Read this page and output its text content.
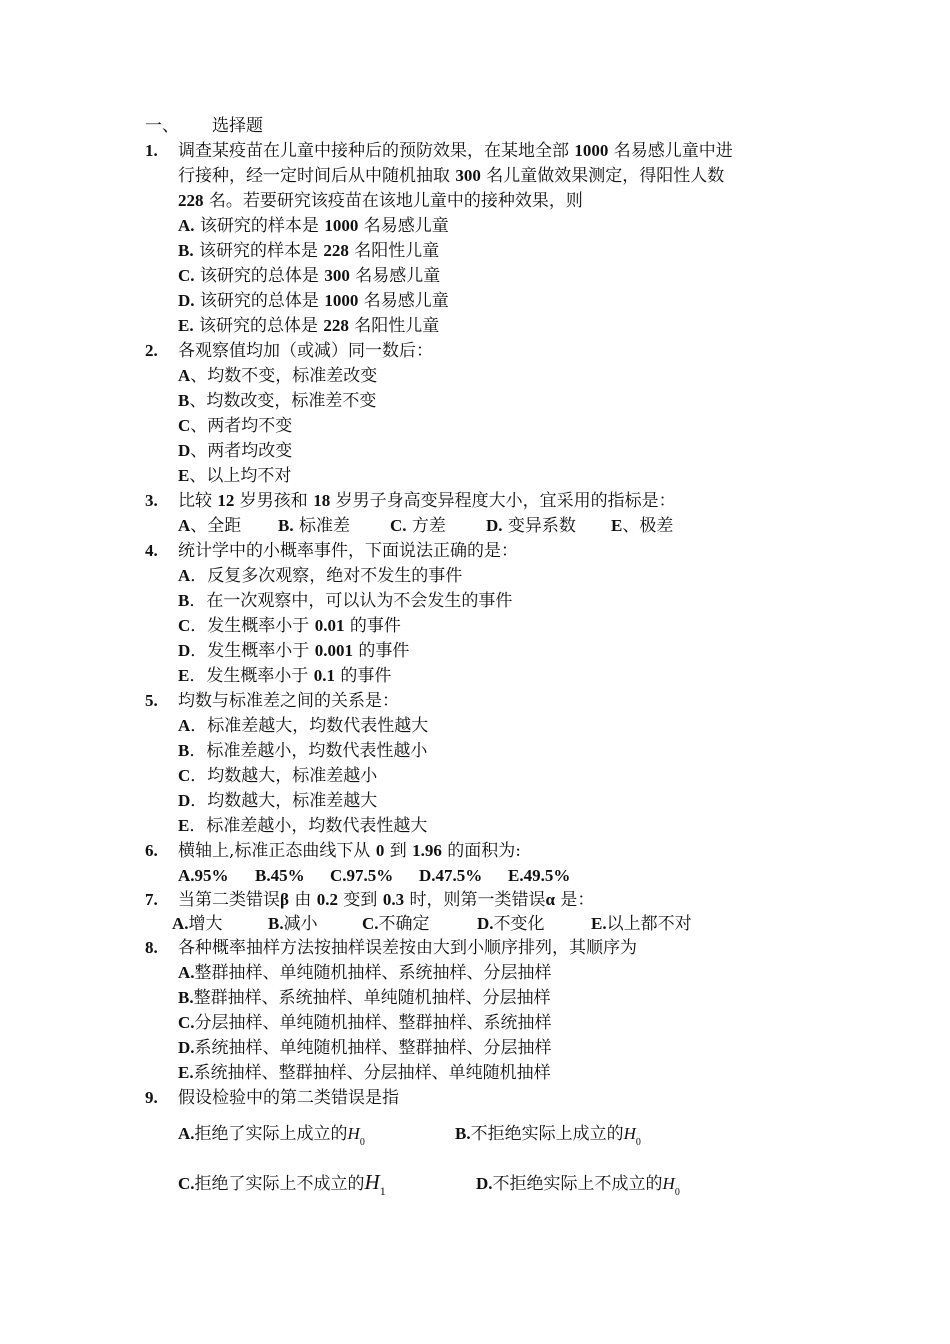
一、 选择题
1. 调查某疫苗在儿童中接种后的预防效果，在某地全部 1000 名易感儿童中进
行接种，经一定时间后从中随机抽取 300 名儿童做效果测定，得阳性人数
228 名。若要研究该疫苗在该地儿童中的接种效果，则
A. 该研究的样本是 1000 名易感儿童
B. 该研究的样本是 228 名阳性儿童
C. 该研究的总体是 300 名易感儿童
D. 该研究的总体是 1000 名易感儿童
E. 该研究的总体是 228 名阳性儿童
2. 各观察值均加（或减）同一数后：
A、均数不变，标准差改变
B、均数改变，标准差不变
C、两者均不变
D、两者均改变
E、以上均不对
3. 比较 12 岁男孩和 18 岁男子身高变异程度大小，宜采用的指标是：
A、全距 B. 标准差 C. 方差 D. 变异系数 E、极差
4. 统计学中的小概率事件，下面说法正确的是：
A．反复多次观察，绝对不发生的事件
B．在一次观察中，可以认为不会发生的事件
C．发生概率小于 0.01 的事件
D．发生概率小于 0.001 的事件
E．发生概率小于 0.1 的事件
5. 均数与标准差之间的关系是：
A．标准差越大，均数代表性越大
B．标准差越小，均数代表性越小
C．均数越大，标准差越小
D．均数越大，标准差越大
E．标准差越小，均数代表性越大
6. 横轴上,标准正态曲线下从 0 到 1.96 的面积为:
A.95% B.45% C.97.5% D.47.5% E.49.5%
7. 当第二类错误β 由 0.2 变到 0.3 时，则第一类错误α 是：
A.增大	B.减小	C.不确定	D.不变化	E.以上都不对
8. 各种概率抽样方法按抽样误差按由大到小顺序排列，其顺序为
A.整群抽样、单纯随机抽样、系统抽样、分层抽样
B.整群抽样、系统抽样、单纯随机抽样、分层抽样
C.分层抽样、单纯随机抽样、整群抽样、系统抽样
D.系统抽样、单纯随机抽样、整群抽样、分层抽样
E.系统抽样、整群抽样、分层抽样、单纯随机抽样
9. 假设检验中的第二类错误是指
A.拒绝了实际上成立的$H_0$	B.不拒绝实际上成立的$H_0$
C.拒绝了实际上不成立的$H_1$	D.不拒绝实际上不成立的$H_0$
